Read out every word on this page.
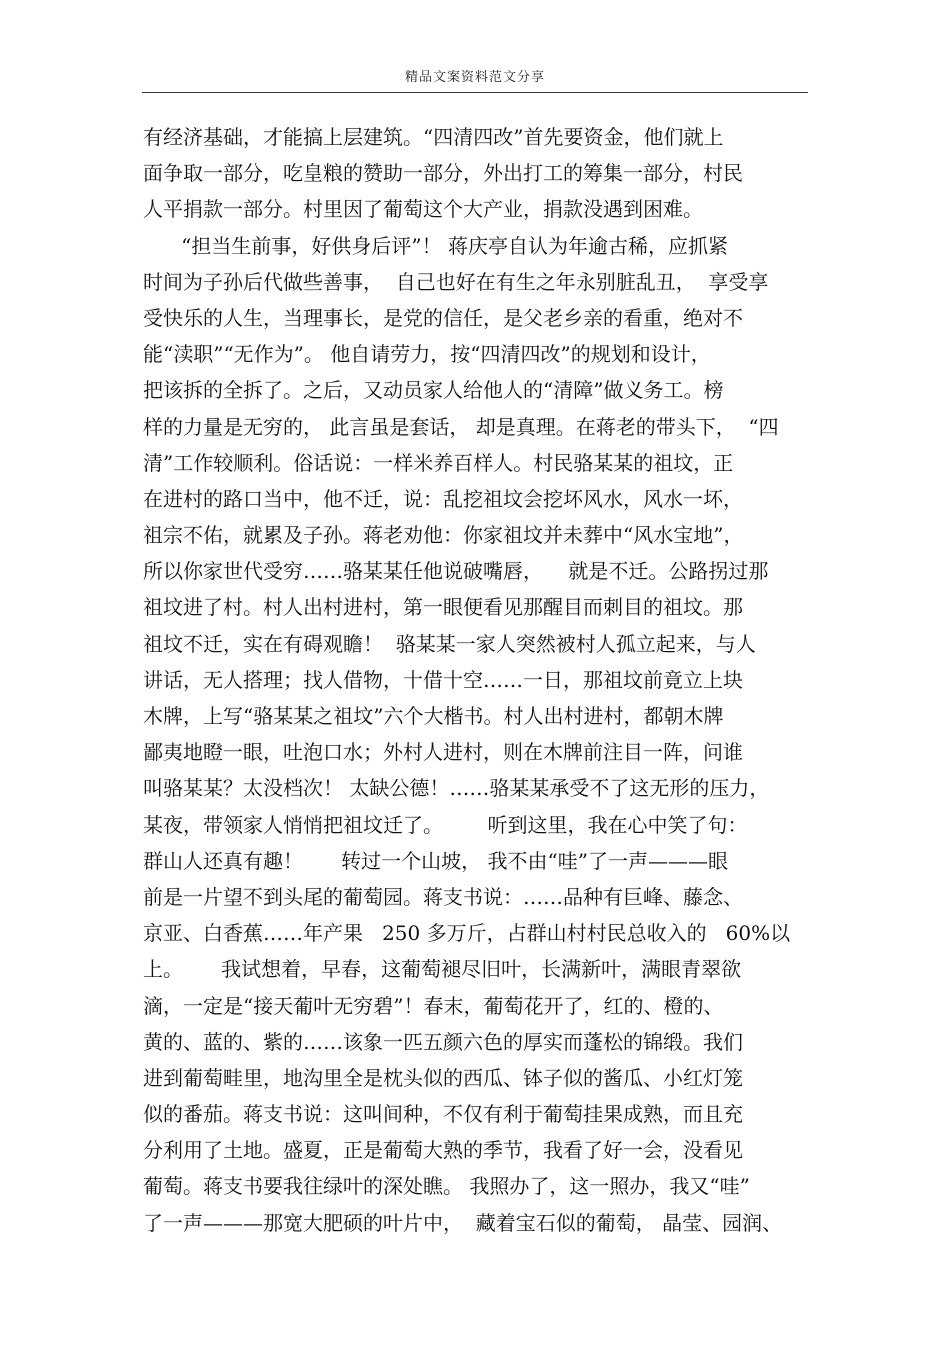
精品文案资料范文分享
有经济基础，才能搞上层建筑。“四清四改”首先要资金，他们就上
面争取一部分，吃皇粮的赞助一部分，外出打工的筹集一部分，村民
人平捐款一部分。村里因了葡萄这个大产业，捐款没遇到困难。
“担当生前事，好供身后评”！ 蒋庆亭自认为年逾古稀，应抓紧
时间为子孙后代做些善事，  自己也好在有生之年永别脏乱丑，  享受享
受快乐的人生，当理事长，是党的信任，是父老乡亲的看重，绝对不
能“渎职”“无作为”。 他自请劳力，按“四清四改”的规划和设计，
把该拆的全拆了。之后，又动员家人给他人的“清障”做义务工。榜
样的力量是无穷的， 此言虽是套话， 却是真理。在蒋老的带头下，  “四
清”工作较顺利。俗话说：一样米养百样人。村民骆某某的祖坟，正
在进村的路口当中，他不迁，说：乱挖祖坟会挖坏风水，风水一坏，
祖宗不佑，就累及子孙。蒋老劝他：你家祖坟并未葬中“风水宝地”，
所以你家世代受穷……骆某某任他说破嘴唇，    就是不迁。公路拐过那
祖坟进了村。村人出村进村，第一眼便看见那醒目而刺目的祖坟。那
祖坟不迁，实在有碍观瞻！  骆某某一家人突然被村人孤立起来，与人
讲话，无人搭理；找人借物，十借十空……一日，那祖坟前竟立上块
木牌，上写“骆某某之祖坟”六个大楷书。村人出村进村，都朝木牌
鄙夷地瞪一眼，吐泡口水；外村人进村，则在木牌前注目一阵，问谁
叫骆某某？太没档次！ 太缺公德！……骆某某承受不了这无形的压力，
某夜，带领家人悄悄把祖坟迁了。       听到这里，我在心中笑了句：
群山人还真有趣！      转过一个山坡， 我不由“哇”了一声———眼
前是一片望不到头尾的葡萄园。蒋支书说：……品种有巨峰、藤念、
京亚、白香蕉……年产果   250 多万斤，占群山村村民总收入的   60%以
上。      我试想着，早春，这葡萄褪尽旧叶，长满新叶，满眼青翠欲
滴，一定是“接天葡叶无穷碧”！春末，葡萄花开了，红的、橙的、
黄的、蓝的、紫的……该象一匹五颜六色的厚实而蓬松的锦缎。我们
进到葡萄畦里，地沟里全是枕头似的西瓜、钵子似的酱瓜、小红灯笼
似的番茄。蒋支书说：这叫间种，不仅有利于葡萄挂果成熟，而且充
分利用了土地。盛夏，正是葡萄大熟的季节，我看了好一会，没看见
葡萄。蒋支书要我往绿叶的深处瞧。 我照办了，这一照办，我又“哇”
了一声———那宽大肥硕的叶片中，  藏着宝石似的葡萄， 晶莹、园润、
